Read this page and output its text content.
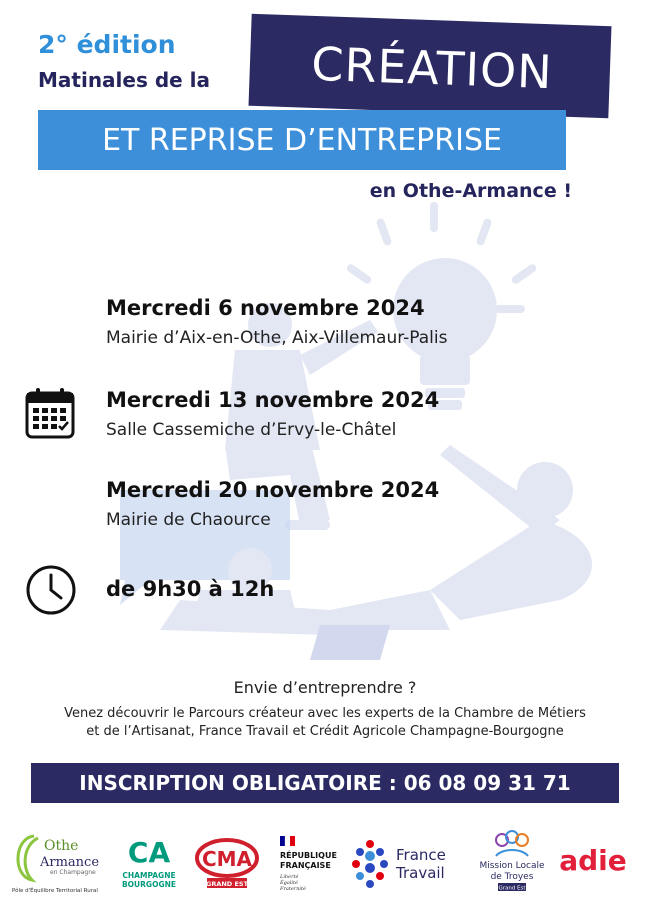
2° édition
Matinales de la	CRÉATION
ET REPRISE D’ENTREPRISE
en Othe-Armance !
Mercredi 6 novembre 2024
Mairie d’Aix-en-Othe, Aix-Villemaur-Palis
Mercredi 13 novembre 2024
Salle Cassemiche d’Ervy-le-Châtel
Mercredi 20 novembre 2024
Mairie de Chaource
de 9h30 à 12h
Envie d’entreprendre ?
Venez découvrir le Parcours créateur avec les experts de la Chambre de Métiers
et de l’Artisanat, France Travail et Crédit Agricole Champagne-Bourgogne
INSCRIPTION OBLIGATOIRE : 06 08 09 31 71
Othe
Armance
en Champagne
Pôle d'Équilibre Territorial Rural
CA
CHAMPAGNE
BOURGOGNE
CMA
GRAND EST
RÉPUBLIQUE
FRANÇAISE
Liberté
Égalité
Fraternité
France
Travail	Mission Locale
de Troyes
Grand Est
adie
